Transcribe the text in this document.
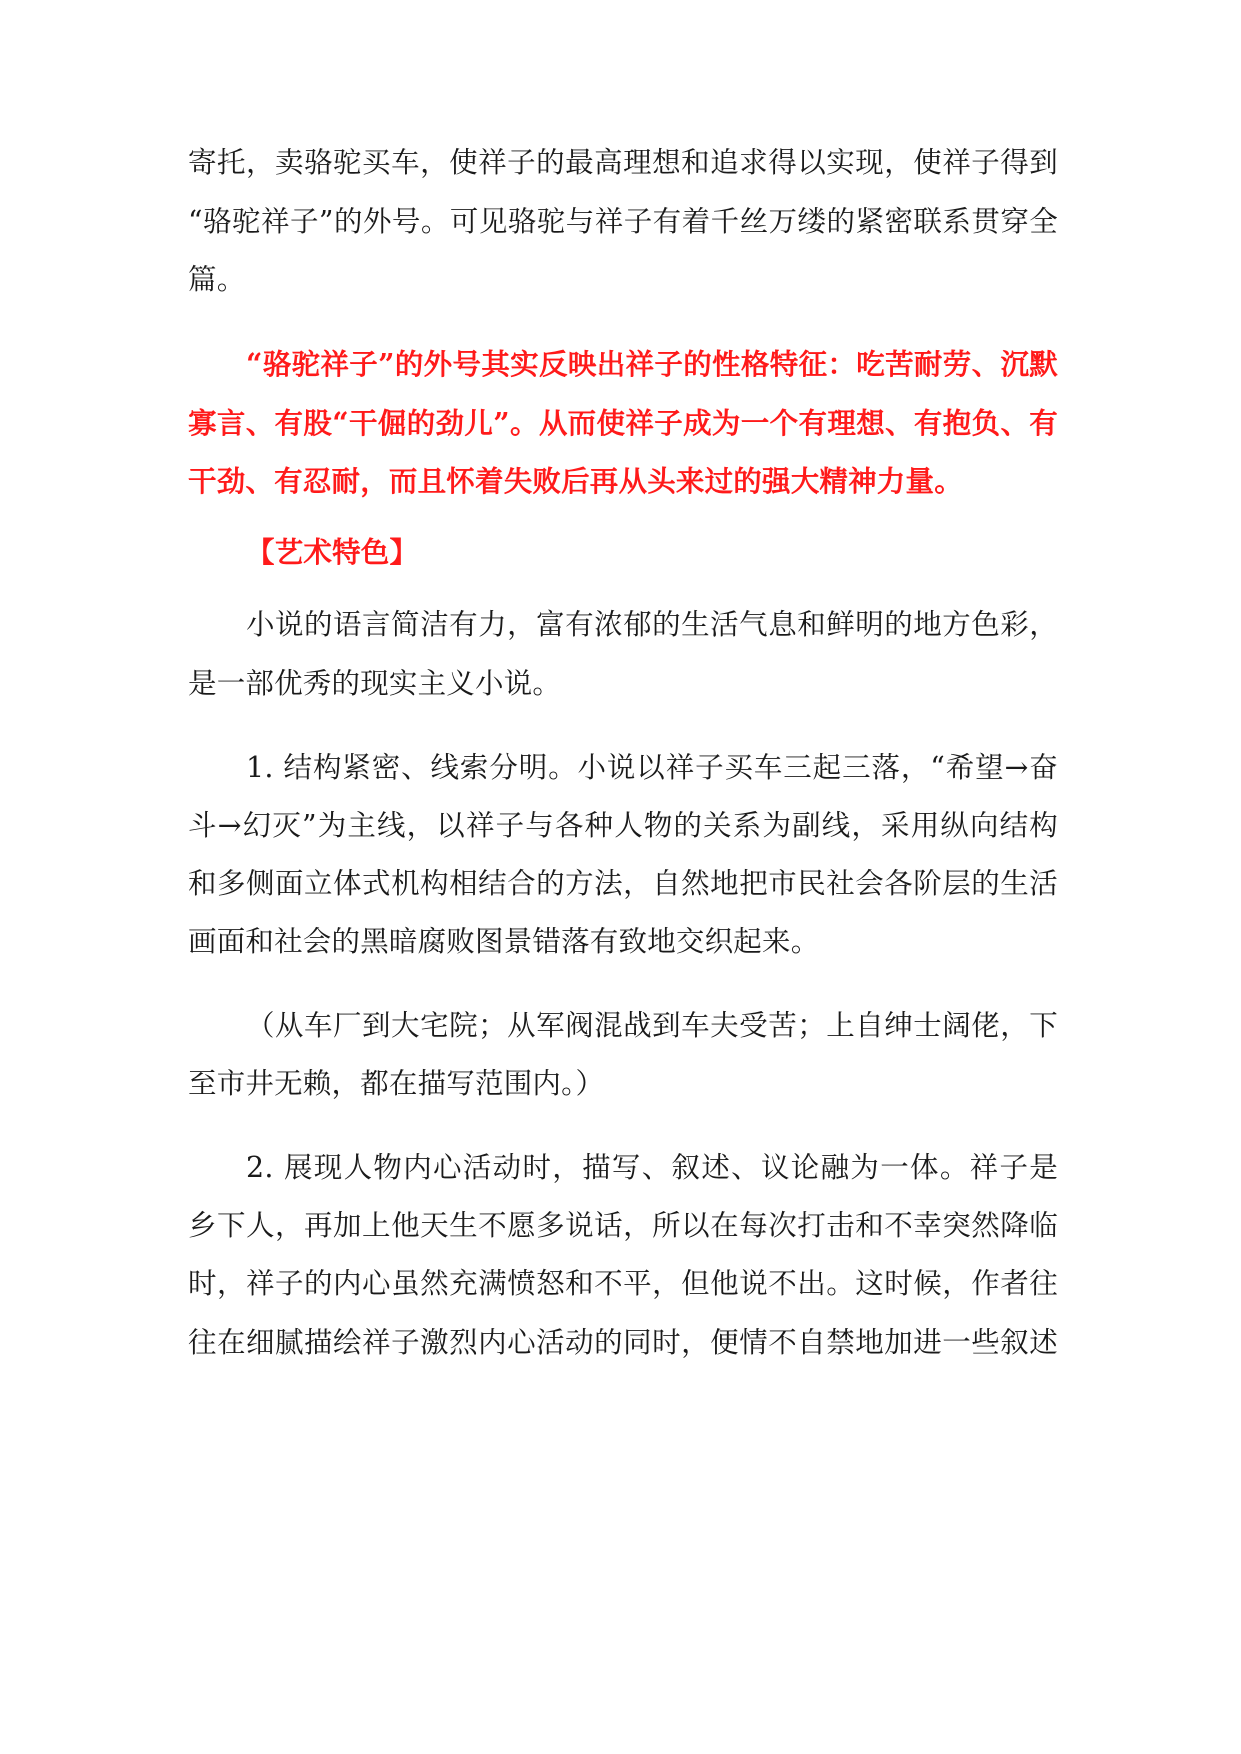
寄托，卖骆驼买车，使祥子的最高理想和追求得以实现，使祥子得到
“骆驼祥子”的外号。可见骆驼与祥子有着千丝万缕的紧密联系贯穿全
篇。
“骆驼祥子”的外号其实反映出祥子的性格特征：吃苦耐劳、沉默
寡言、有股“干倔的劲儿”。从而使祥子成为一个有理想、有抱负、有
干劲、有忍耐，而且怀着失败后再从头来过的强大精神力量。
【艺术特色】
小说的语言简洁有力，富有浓郁的生活气息和鲜明的地方色彩，
是一部优秀的现实主义小说。
1. 结构紧密、线索分明。小说以祥子买车三起三落，“希望→奋
斗→幻灭”为主线，以祥子与各种人物的关系为副线，采用纵向结构
和多侧面立体式机构相结合的方法，自然地把市民社会各阶层的生活
画面和社会的黑暗腐败图景错落有致地交织起来。
（从车厂到大宅院；从军阀混战到车夫受苦；上自绅士阔佬，下
至市井无赖，都在描写范围内。）
2. 展现人物内心活动时，描写、叙述、议论融为一体。祥子是
乡下人，再加上他天生不愿多说话，所以在每次打击和不幸突然降临
时，祥子的内心虽然充满愤怒和不平，但他说不出。这时候，作者往
往在细腻描绘祥子激烈内心活动的同时，便情不自禁地加进一些叙述
